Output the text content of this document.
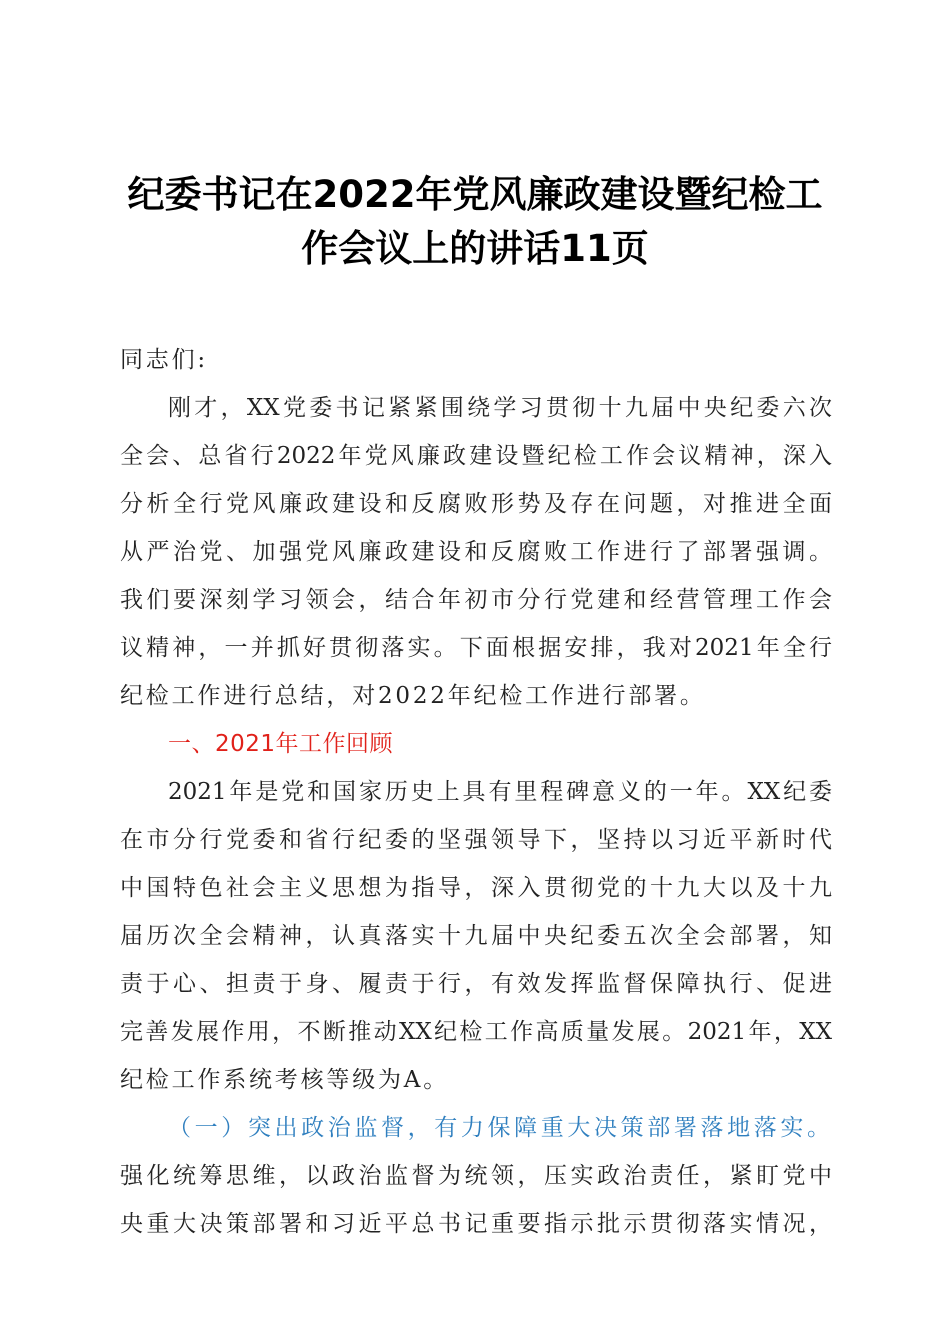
纪委书记在2022年党风廉政建设暨纪检工
作会议上的讲话11页
同志们:
刚才，XX党委书记紧紧围绕学习贯彻十九届中央纪委六次
全会、总省行2022年党风廉政建设暨纪检工作会议精神，深入
分析全行党风廉政建设和反腐败形势及存在问题，对推进全面
从严治党、加强党风廉政建设和反腐败工作进行了部署强调。
我们要深刻学习领会，结合年初市分行党建和经营管理工作会
议精神，一并抓好贯彻落实。下面根据安排，我对2021年全行
纪检工作进行总结，对2022年纪检工作进行部署。
一、2021年工作回顾
2021年是党和国家历史上具有里程碑意义的一年。XX纪委
在市分行党委和省行纪委的坚强领导下，坚持以习近平新时代
中国特色社会主义思想为指导，深入贯彻党的十九大以及十九
届历次全会精神，认真落实十九届中央纪委五次全会部署，知
责于心、担责于身、履责于行，有效发挥监督保障执行、促进
完善发展作用，不断推动XX纪检工作高质量发展。2021年，XX
纪检工作系统考核等级为A。
（一）突出政治监督，有力保障重大决策部署落地落实。
强化统筹思维，以政治监督为统领，压实政治责任，紧盯党中
央重大决策部署和习近平总书记重要指示批示贯彻落实情况，
